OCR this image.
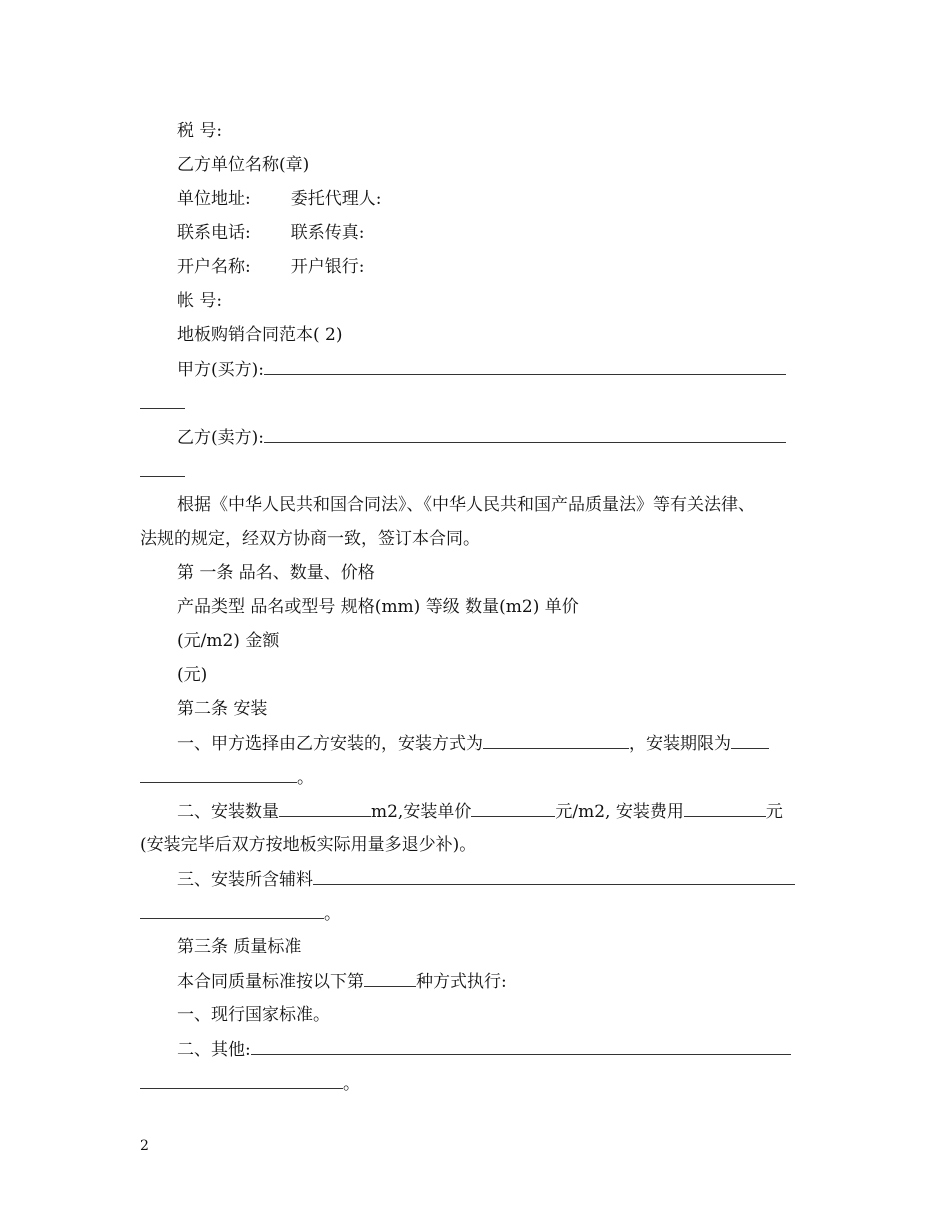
税 号:
乙方单位名称(章)
单位地址: 委托代理人:
联系电话: 联系传真:
开户名称: 开户银行:
帐 号:
地板购销合同范本( 2)
甲方(买方):
乙方(卖方):
根据《中华人民共和国合同法》、《中华人民共和国产品质量法》等有关法律、
法规的规定，经双方协商一致，签订本合同。
第 一条 品名、数量、价格
产品类型 品名或型号 规格(mm) 等级 数量(m2) 单价
(元/m2) 金额
(元)
第二条 安装
一、甲方选择由乙方安装的，安装方式为	，安装期限为
。
二、安装数量	m2,安装单价	元/m2, 安装费用	元
(安装完毕后双方按地板实际用量多退少补)。
三、安装所含辅料
。
第三条 质量标准
本合同质量标准按以下第	种方式执行:
一、现行国家标准。
二、其他:
。
2
